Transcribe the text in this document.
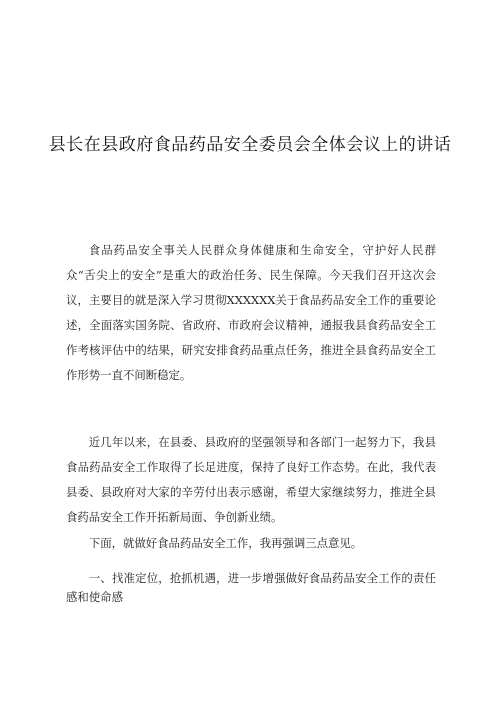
县长在县政府食品药品安全委员会全体会议上的讲话

食品药品安全事关人民群众身体健康和生命安全，守护好人民群众“舌尖上的安全”是重大的政治任务、民生保障。今天我们召开这次会议，主要目的就是深入学习贯彻XXXXXX关于食品药品安全工作的重要论述，全面落实国务院、省政府、市政府会议精神，通报我县食药品安全工作考核评估中的结果，研究安排食药品重点任务，推进全县食药品安全工作形势一直不间断稳定。

近几年以来，在县委、县政府的坚强领导和各部门一起努力下，我县食品药品安全工作取得了长足进度，保持了良好工作态势。在此，我代表县委、县政府对大家的辛劳付出表示感谢，希望大家继续努力，推进全县食药品安全工作开拓新局面、争创新业绩。

下面，就做好食品药品安全工作，我再强调三点意见。

一、找准定位，抢抓机遇，进一步增强做好食品药品安全工作的责任感和使命感
